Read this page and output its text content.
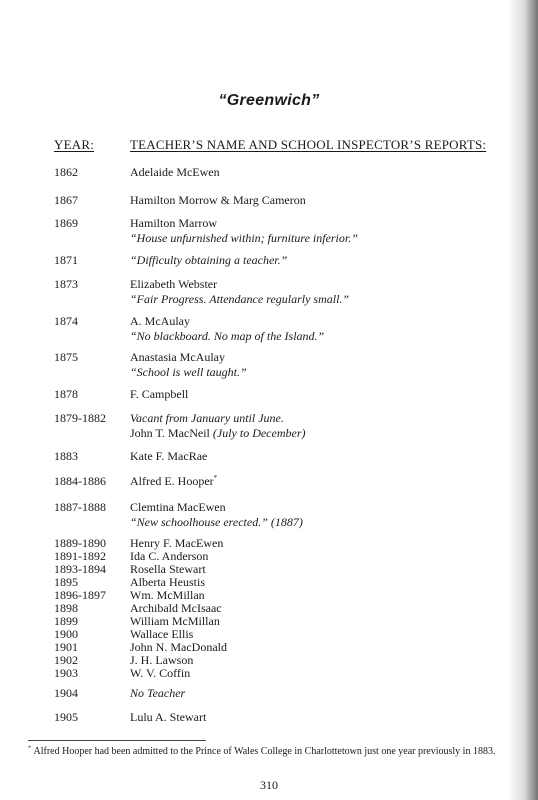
“Greenwich”
YEAR:	TEACHER’S NAME AND SCHOOL INSPECTOR’S REPORTS:
1862	Adelaide McEwen
1867	Hamilton Morrow & Marg Cameron
1869	Hamilton Marrow
“House unfurnished within; furniture inferior.”
1871	“Difficulty obtaining a teacher.”
1873	Elizabeth Webster
“Fair Progress. Attendance regularly small.”
1874	A. McAulay
“No blackboard. No map of the Island.”
1875	Anastasia McAulay
“School is well taught.”
1878	F. Campbell
1879-1882 Vacant from January until June.
John T. MacNeil (July to December)
1883	Kate F. MacRae
1884-1886 Alfred E. Hooper*
1887-1888 Clemtina MacEwen
“New schoolhouse erected.” (1887)
1889-1890 Henry F. MacEwen
1891-1892 Ida C. Anderson
1893-1894 Rosella Stewart
1895	Alberta Heustis
1896-1897 Wm. McMillan
1898	Archibald McIsaac
1899	William McMillan
1900	Wallace Ellis
1901	John N. MacDonald
1902	J. H. Lawson
1903	W. V. Coffin
1904	No Teacher
1905	Lulu A. Stewart
* Alfred Hooper had been admitted to the Prince of Wales College in Charlottetown just one year previously in 1883.
310
